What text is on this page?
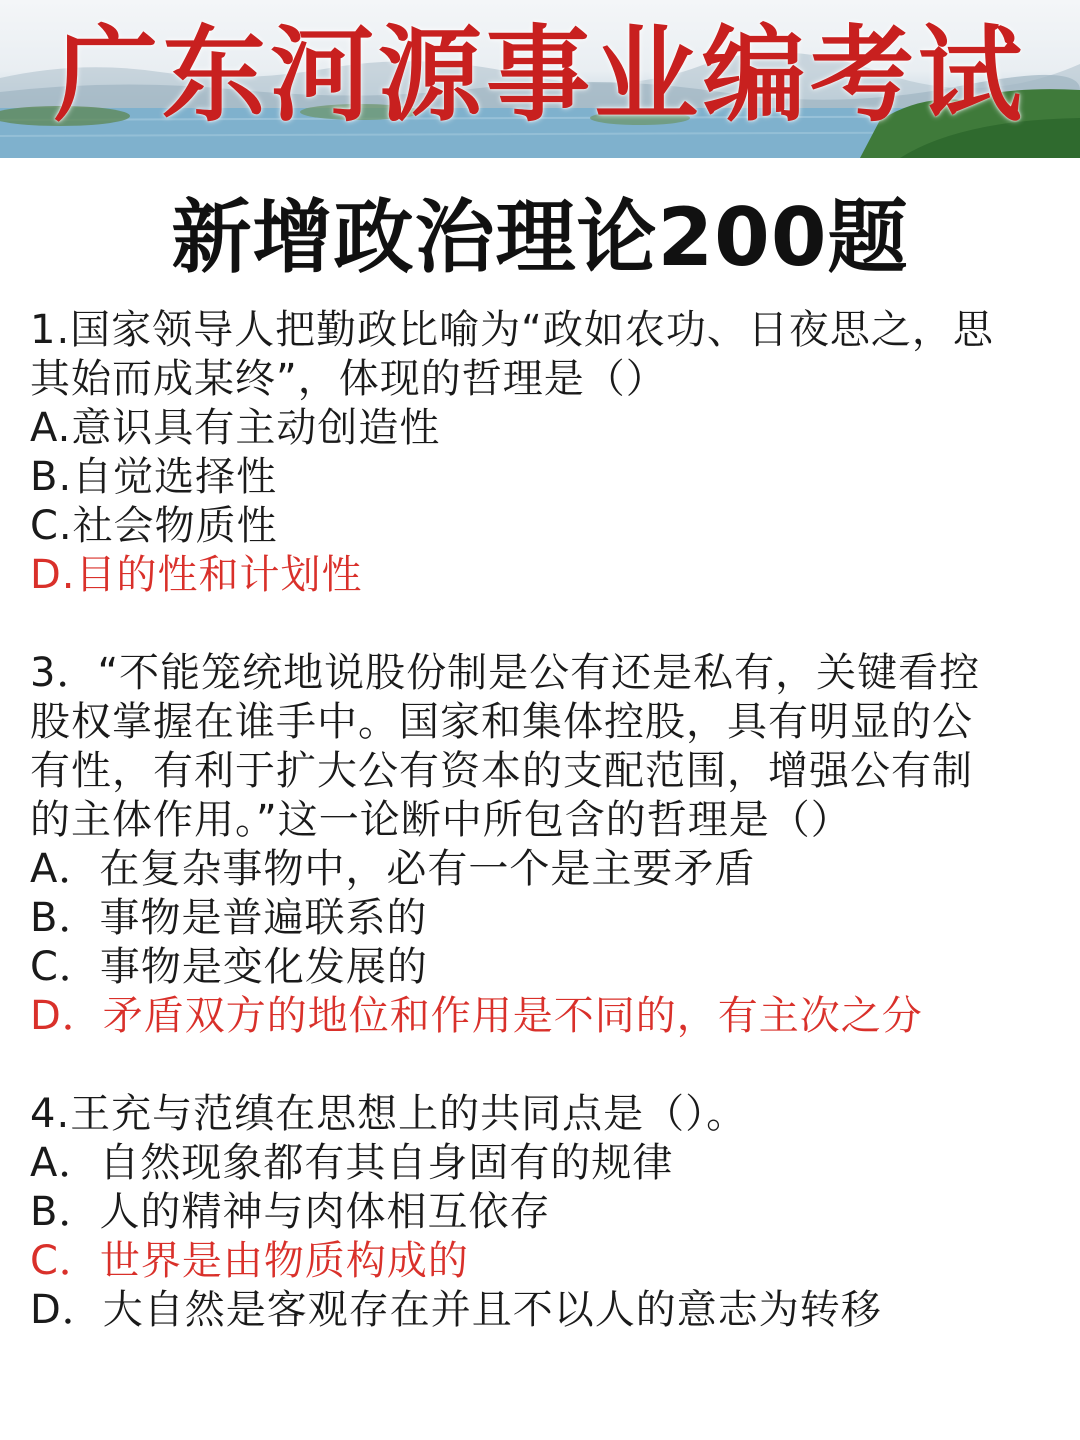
广东河源事业编考试
新增政治理论200题
1.国家领导人把勤政比喻为“政如农功、日夜思之，思
其始而成某终”，体现的哲理是（）
A.意识具有主动创造性
B.自觉选择性
C.社会物质性
D.目的性和计划性
3．“不能笼统地说股份制是公有还是私有，关键看控
股权掌握在谁手中。国家和集体控股，具有明显的公
有性，有利于扩大公有资本的支配范围，增强公有制
的主体作用。”这一论断中所包含的哲理是（）
A．在复杂事物中，必有一个是主要矛盾
B．事物是普遍联系的
C．事物是变化发展的
D．矛盾双方的地位和作用是不同的，有主次之分
4.王充与范缜在思想上的共同点是（）。
A．自然现象都有其自身固有的规律
B．人的精神与肉体相互依存
C．世界是由物质构成的
D．大自然是客观存在并且不以人的意志为转移
